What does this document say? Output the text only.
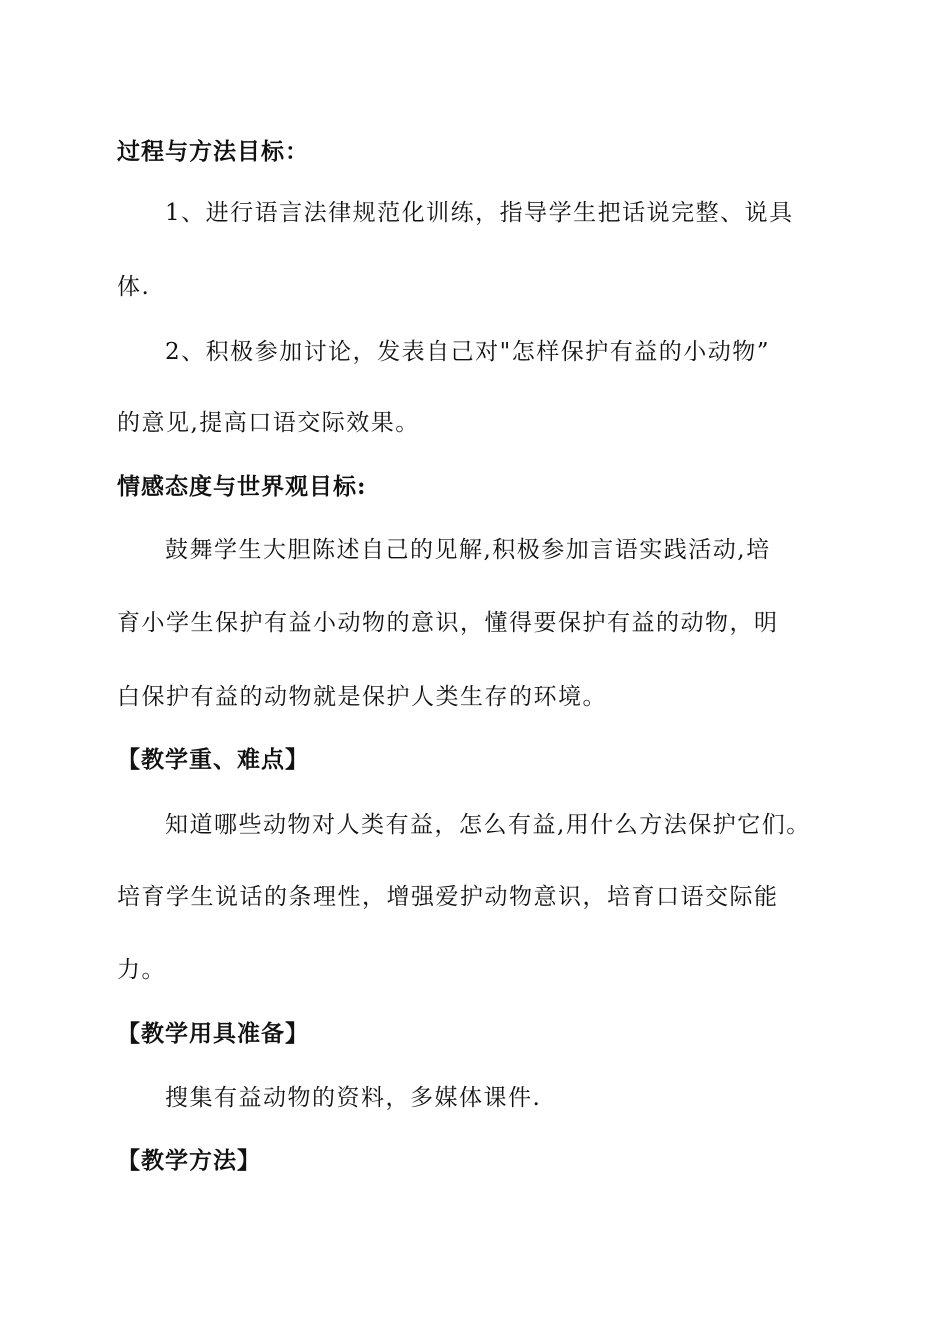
过程与方法目标：
1、进行语言法律规范化训练，指导学生把话说完整、说具
体.
2、积极参加讨论，发表自己对"怎样保护有益的小动物”
的意见,提高口语交际效果。
情感态度与世界观目标:
鼓舞学生大胆陈述自己的见解,积极参加言语实践活动,培
育小学生保护有益小动物的意识，懂得要保护有益的动物，明
白保护有益的动物就是保护人类生存的环境。
【教学重、难点】
知道哪些动物对人类有益，怎么有益,用什么方法保护它们。
培育学生说话的条理性，增强爱护动物意识，培育口语交际能
力。
【教学用具准备】
搜集有益动物的资料，多媒体课件.
【教学方法】
